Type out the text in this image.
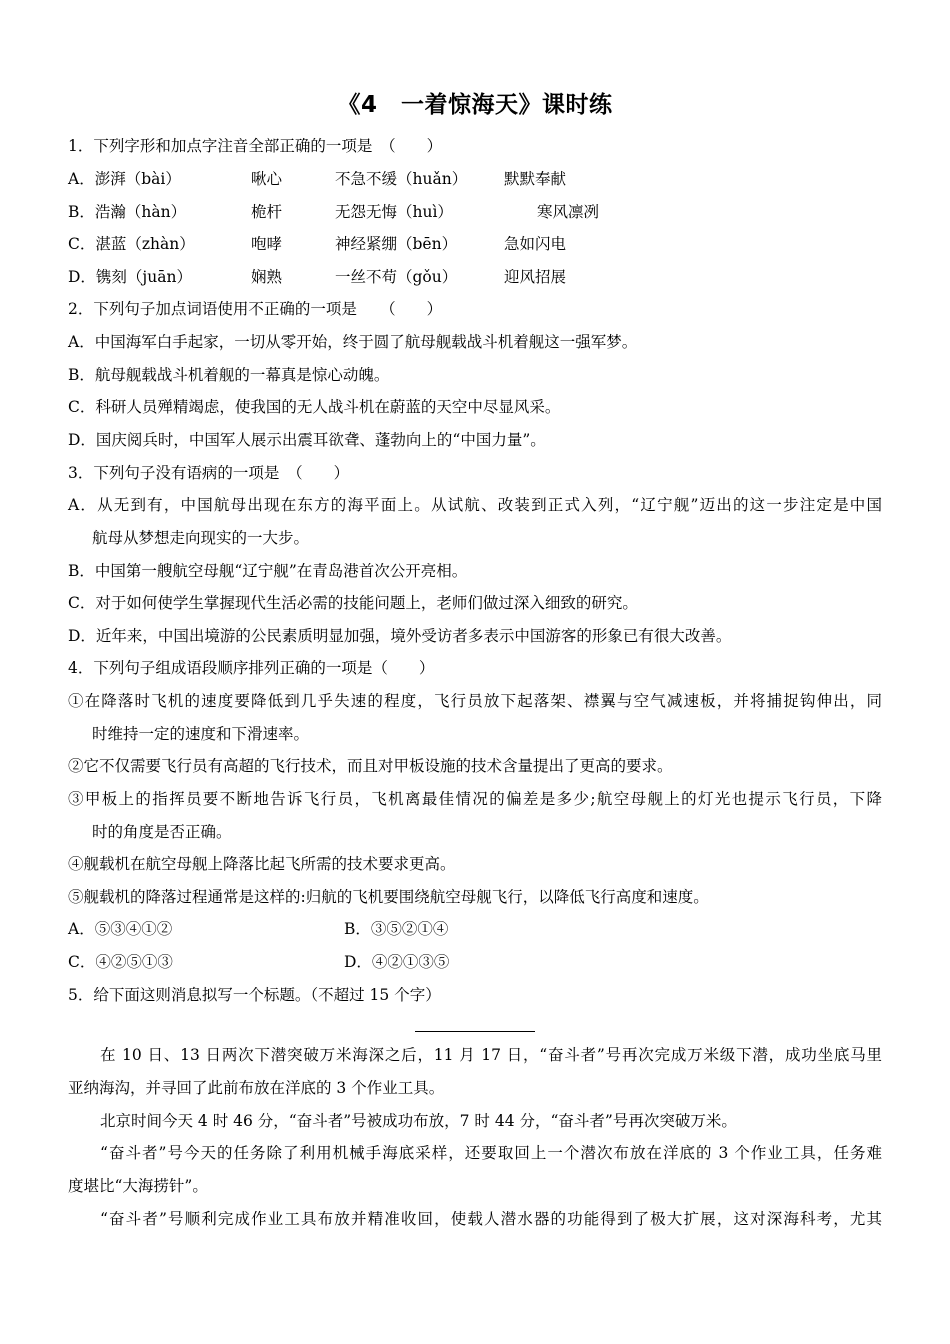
《4　一着惊海天》课时练
1．下列字形和加点字注音全部正确的一项是　（　　）
A．澎湃（bài）	啾心	不急不缓（huǎn） 默默奉献
B．浩瀚（hàn）	桅杆	无怨无悔（huì）	寒风凛冽
C．湛蓝（zhàn）	咆哮	神经紧绷（bēn）	急如闪电
D．镌刻（juān）	娴熟	一丝不苟（gǒu）	迎风招展
2．下列句子加点词语使用不正确的一项是　　（　　）
A．中国海军白手起家，一切从零开始，终于圆了航母舰载战斗机着舰这一强军梦。
B．航母舰载战斗机着舰的一幕真是惊心动魄。
C．科研人员殚精竭虑，使我国的无人战斗机在蔚蓝的天空中尽显风采。
D．国庆阅兵时，中国军人展示出震耳欲聋、蓬勃向上的“中国力量”。
3．下列句子没有语病的一项是　（　　）
A．从无到有，中国航母出现在东方的海平面上。从试航、改装到正式入列，“辽宁舰”迈出的这一步注定是中国
航母从梦想走向现实的一大步。
B．中国第一艘航空母舰“辽宁舰”在青岛港首次公开亮相。
C．对于如何使学生掌握现代生活必需的技能问题上，老师们做过深入细致的研究。
D．近年来，中国出境游的公民素质明显加强，境外受访者多表示中国游客的形象已有很大改善。
4．下列句子组成语段顺序排列正确的一项是（　　）
①在降落时飞机的速度要降低到几乎失速的程度，飞行员放下起落架、襟翼与空气减速板，并将捕捉钩伸出，同
时维持一定的速度和下滑速率。
②它不仅需要飞行员有高超的飞行技术，而且对甲板设施的技术含量提出了更高的要求。
③甲板上的指挥员要不断地告诉飞行员，飞机离最佳情况的偏差是多少;航空母舰上的灯光也提示飞行员，下降
时的角度是否正确。
④舰载机在航空母舰上降落比起飞所需的技术要求更高。
⑤舰载机的降落过程通常是这样的:归航的飞机要围绕航空母舰飞行，以降低飞行高度和速度。
A．⑤③④①②	B．③⑤②①④
C．④②⑤①③	D．④②①③⑤
5．给下面这则消息拟写一个标题。（不超过 15 个字）
在 10 日、13 日两次下潜突破万米海深之后，11 月 17 日，“奋斗者”号再次完成万米级下潜，成功坐底马里
亚纳海沟，并寻回了此前布放在洋底的 3 个作业工具。
北京时间今天 4 时 46 分，“奋斗者”号被成功布放，7 时 44 分，“奋斗者”号再次突破万米。
“奋斗者”号今天的任务除了利用机械手海底采样，还要取回上一个潜次布放在洋底的 3 个作业工具，任务难
度堪比“大海捞针”。
“奋斗者”号顺利完成作业工具布放并精准收回，使载人潜水器的功能得到了极大扩展，这对深海科考，尤其
